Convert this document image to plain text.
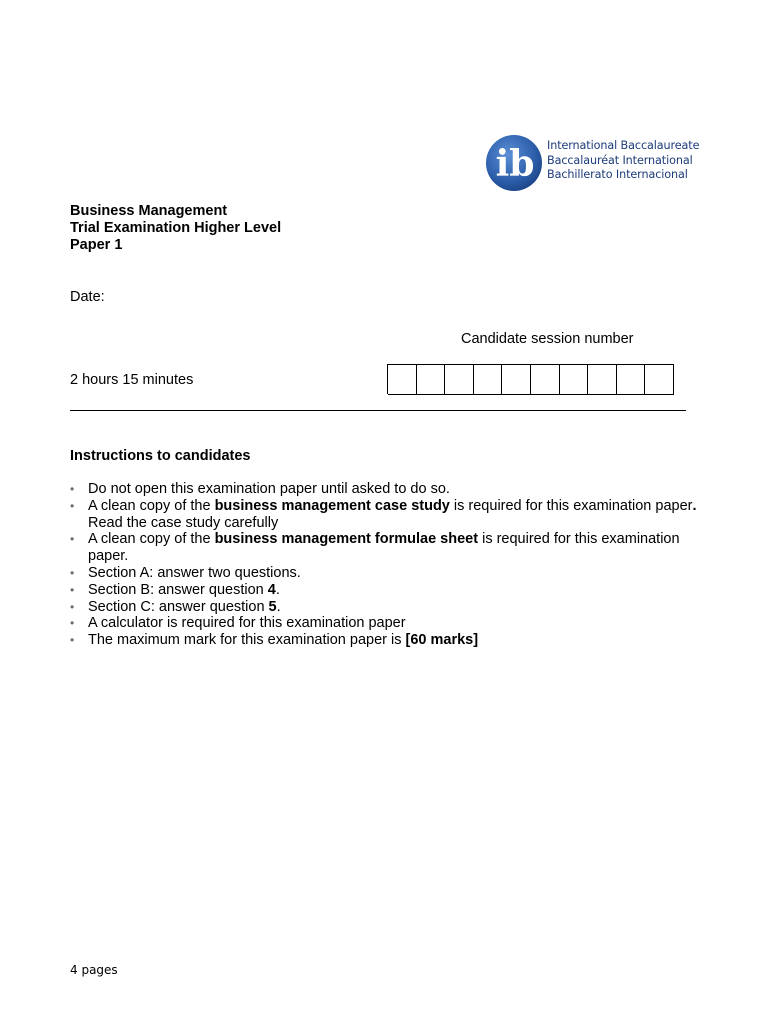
ib International Baccalaureate
Baccalauréat International
Bachillerato Internacional
Business Management
Trial Examination Higher Level
Paper 1
Date:
Candidate session number
2 hours 15 minutes
Instructions to candidates
• Do not open this examination paper until asked to do so.
• A clean copy of the business management case study is required for this examination paper. Read the case study carefully
• A clean copy of the business management formulae sheet is required for this examination paper.
• Section A: answer two questions.
• Section B: answer question 4.
• Section C: answer question 5.
• A calculator is required for this examination paper
• The maximum mark for this examination paper is [60 marks]
4 pages
